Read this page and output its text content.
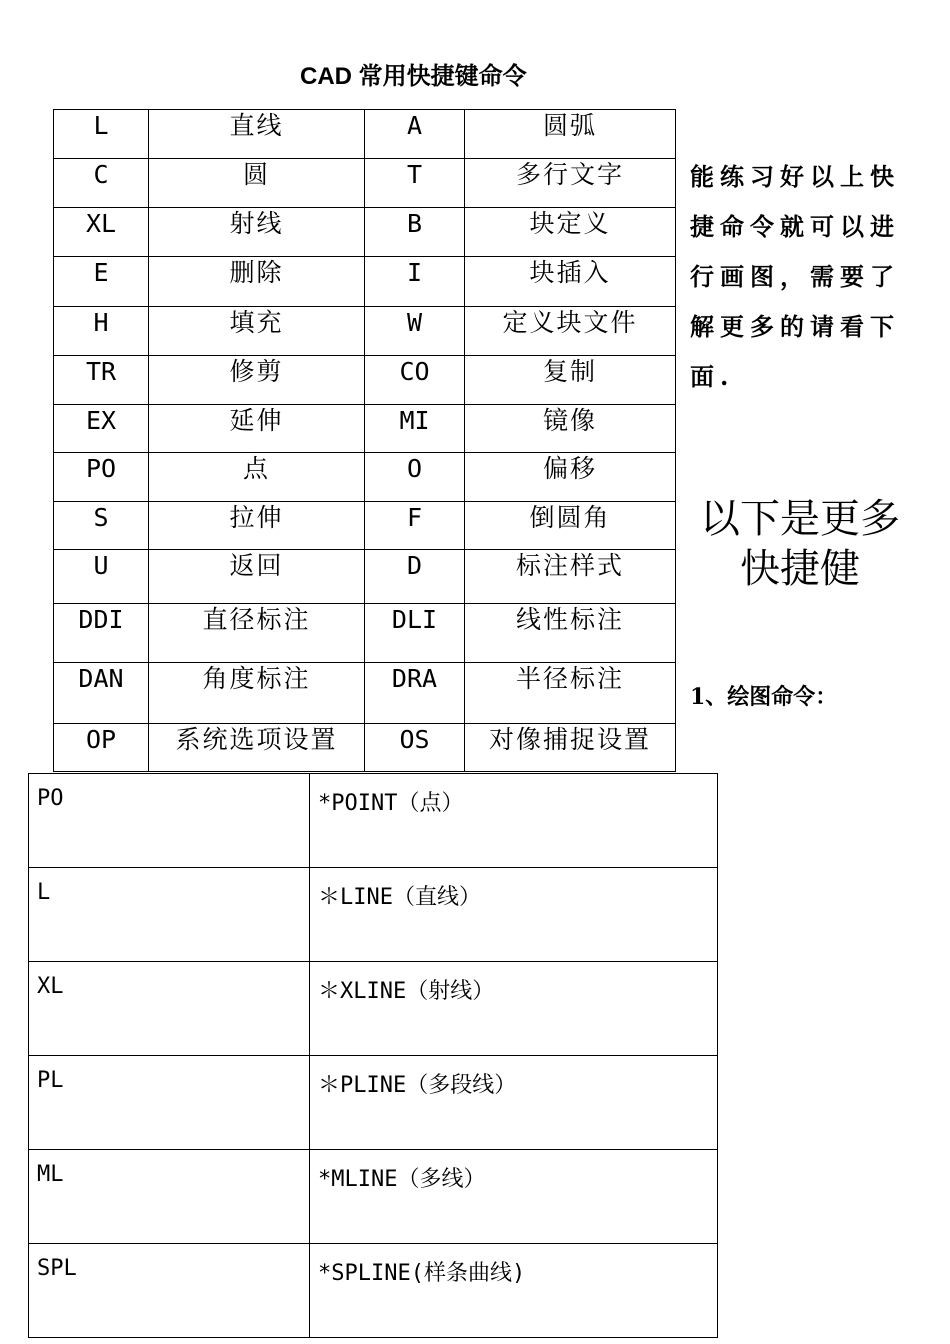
CAD 常用快捷键命令
L	直线	A	圆弧
C	圆	T	多行文字
XL	射线	B	块定义
E	删除	I	块插入
H	填充	W	定义块文件
TR	修剪	CO	复制
EX	延伸	MI	镜像
PO	点	O	偏移
S	拉伸	F	倒圆角
U	返回	D	标注样式
DDI	直径标注	DLI	线性标注
DAN	角度标注	DRA	半径标注
OP	系统选项设置	OS	对像捕捉设置
能练习好以上快捷命令就可以进行画图，需要了解更多的请看下面.
以下是更多快捷健
1、绘图命令：
PO	*POINT（点）
L	＊LINE（直线）
XL	＊XLINE（射线）
PL	＊PLINE（多段线）
ML	*MLINE（多线）
SPL	*SPLINE(样条曲线)
